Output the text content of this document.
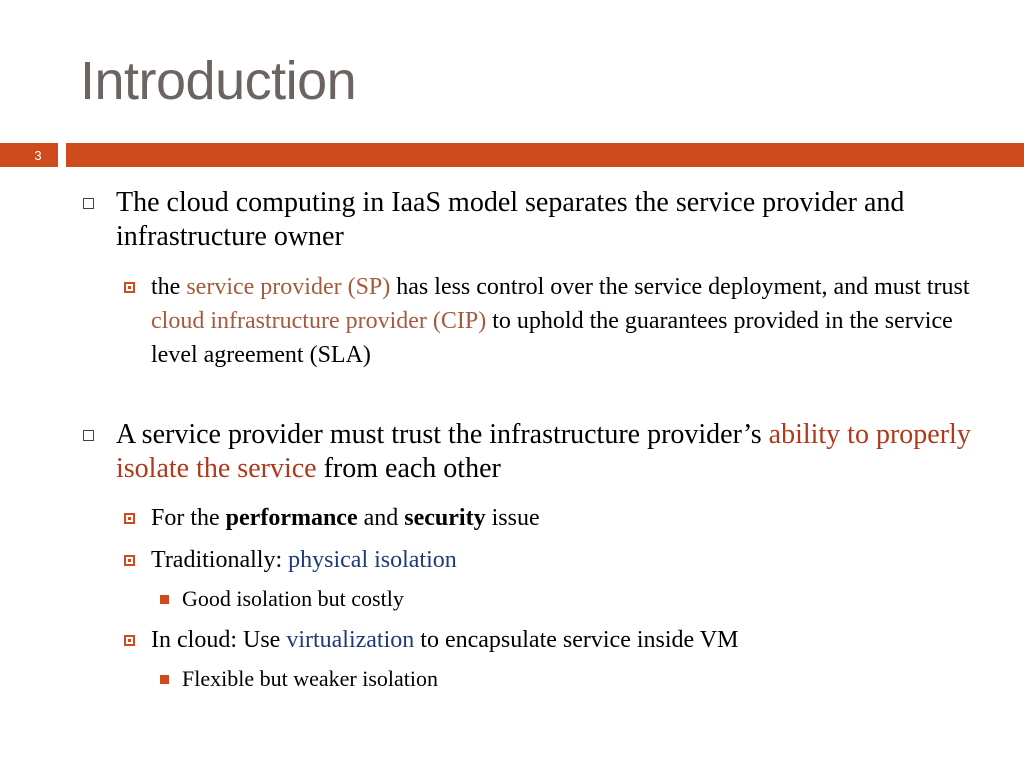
Introduction
3
The cloud computing in IaaS model separates the service provider and infrastructure owner
the service provider (SP) has less control over the service deployment, and must trust cloud infrastructure provider (CIP) to uphold the guarantees provided in the service level agreement (SLA)
A service provider must trust the infrastructure provider’s ability to properly isolate the service from each other
For the performance and security issue
Traditionally: physical isolation
Good isolation but costly
In cloud: Use virtualization to encapsulate service inside VM
Flexible but weaker isolation
